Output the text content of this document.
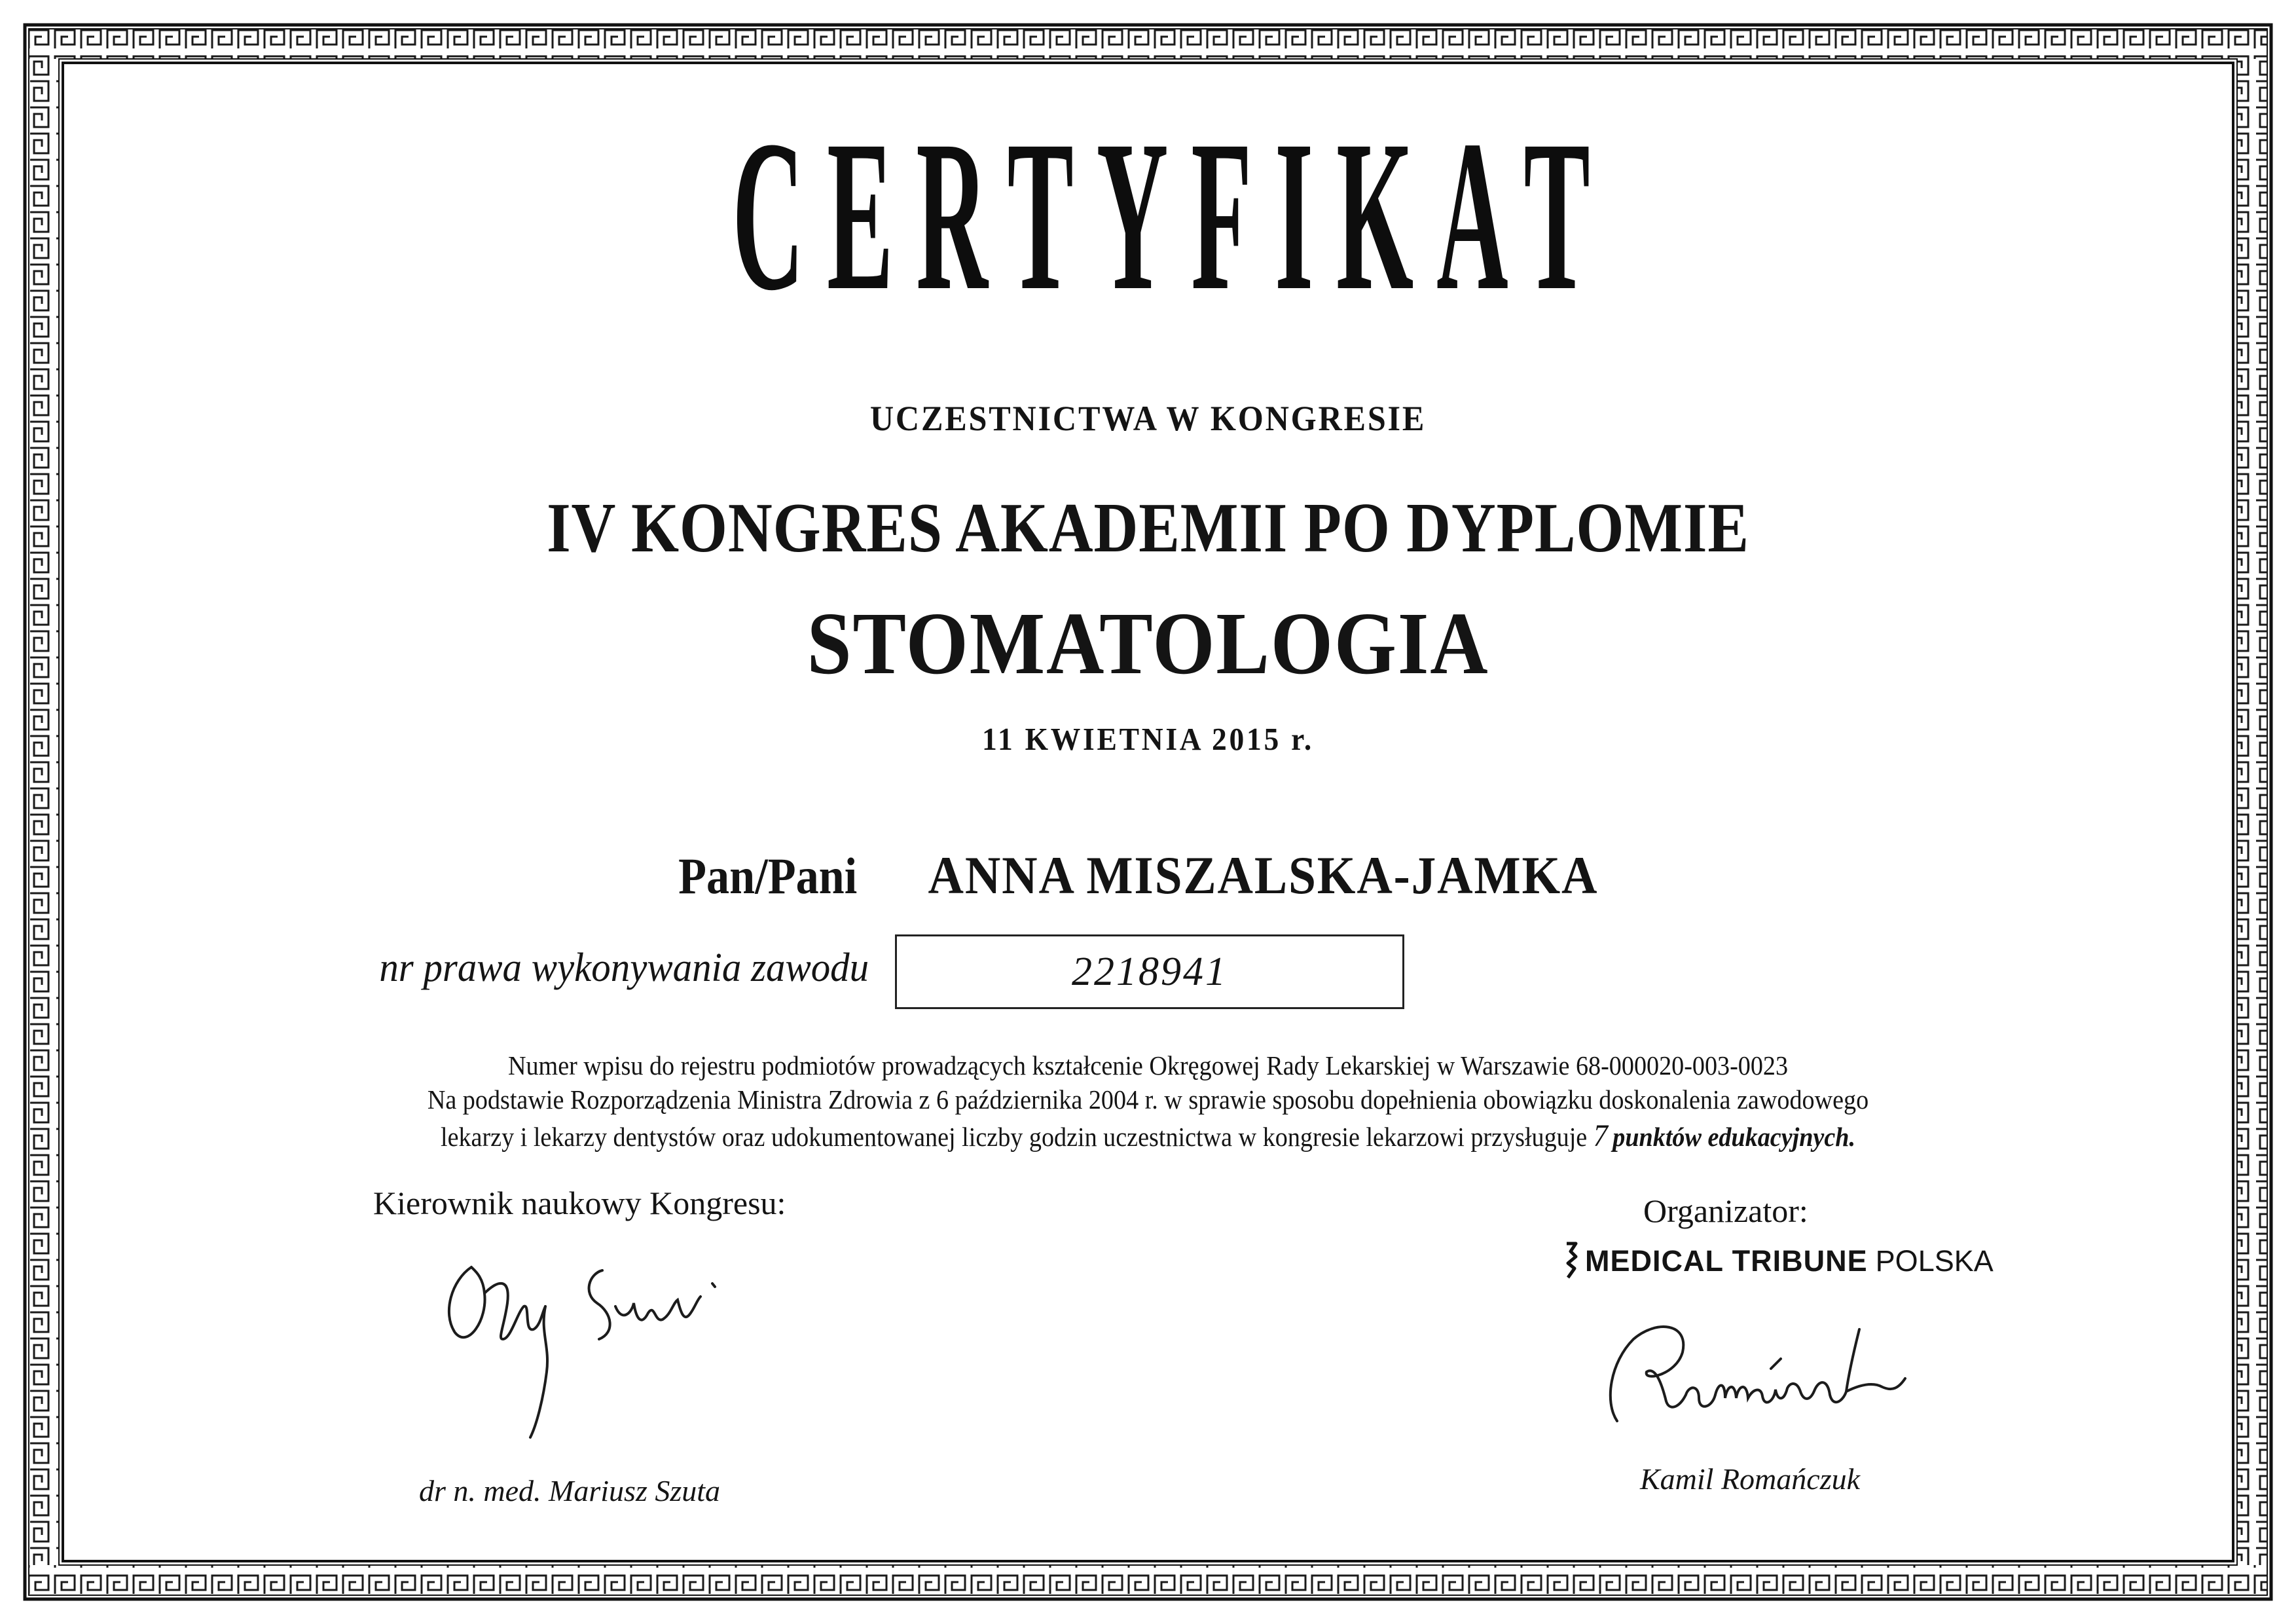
CERTYFIKAT
UCZESTNICTWA W KONGRESIE
IV KONGRES AKADEMII PO DYPLOMIE
STOMATOLOGIA
11 KWIETNIA 2015 r.
Pan/Pani ANNA MISZALSKA-JAMKA
nr prawa wykonywania zawodu	2218941
Numer wpisu do rejestru podmiotów prowadzących kształcenie Okręgowej Rady Lekarskiej w Warszawie 68-000020-003-0023
Na podstawie Rozporządzenia Ministra Zdrowia z 6 października 2004 r. w sprawie sposobu dopełnienia obowiązku doskonalenia zawodowego
lekarzy i lekarzy dentystów oraz udokumentowanej liczby godzin uczestnictwa w kongresie lekarzowi przysługuje 7 punktów edukacyjnych.
Kierownik naukowy Kongresu:
dr n. med. Mariusz Szuta
Organizator:
MEDICAL TRIBUNE POLSKA
Kamil Romańczuk
